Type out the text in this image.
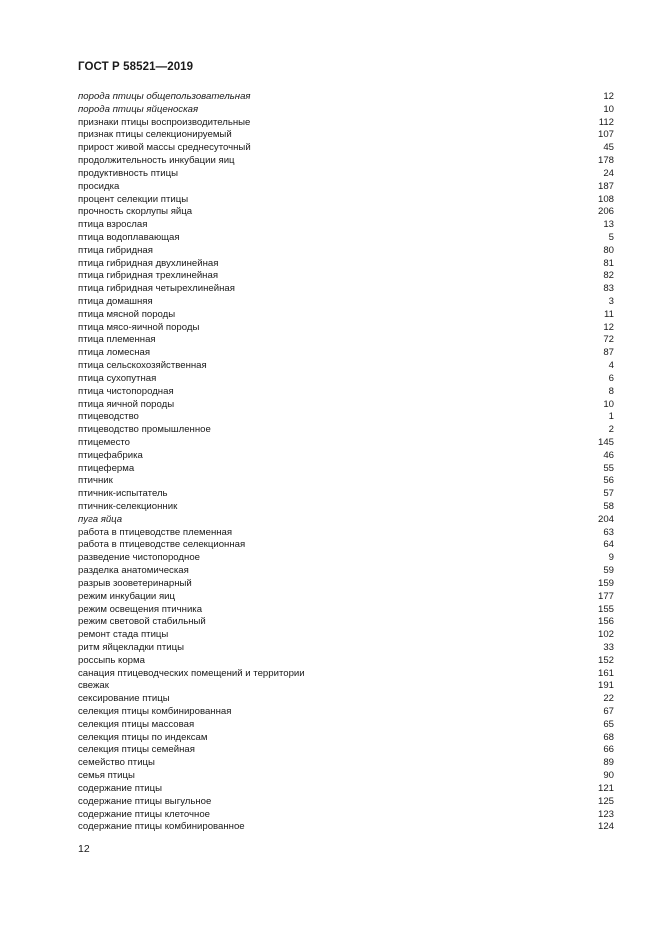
ГОСТ Р 58521—2019
порода птицы общепользовательная	12
порода птицы яйценоская	10
признаки птицы воспроизводительные	112
признак птицы селекционируемый	107
прирост живой массы среднесуточный	45
продолжительность инкубации яиц	178
продуктивность птицы	24
просидка	187
процент селекции птицы	108
прочность скорлупы яйца	206
птица взрослая	13
птица водоплавающая	5
птица гибридная	80
птица гибридная двухлинейная	81
птица гибридная трехлинейная	82
птица гибридная четырехлинейная	83
птица домашняя	3
птица мясной породы	11
птица мясо-яичной породы	12
птица племенная	72
птица ломесная	87
птица сельскохозяйственная	4
птица сухопутная	6
птица чистопородная	8
птица яичной породы	10
птицеводство	1
птицеводство промышленное	2
птицеместо	145
птицефабрика	46
птицеферма	55
птичник	56
птичник-испытатель	57
птичник-селекционник	58
пуга яйца	204
работа в птицеводстве племенная	63
работа в птицеводстве селекционная	64
разведение чистопородное	9
разделка анатомическая	59
разрыв зооветеринарный	159
режим инкубации яиц	177
режим освещения птичника	155
режим световой стабильный	156
ремонт стада птицы	102
ритм яйцекладки птицы	33
россыпь корма	152
санация птицеводческих помещений и территории	161
свежак	191
сексирование птицы	22
селекция птицы комбинированная	67
селекция птицы массовая	65
селекция птицы по индексам	68
селекция птицы семейная	66
семейство птицы	89
семья птицы	90
содержание птицы	121
содержание птицы выгульное	125
содержание птицы клеточное	123
содержание птицы комбинированное	124
12
